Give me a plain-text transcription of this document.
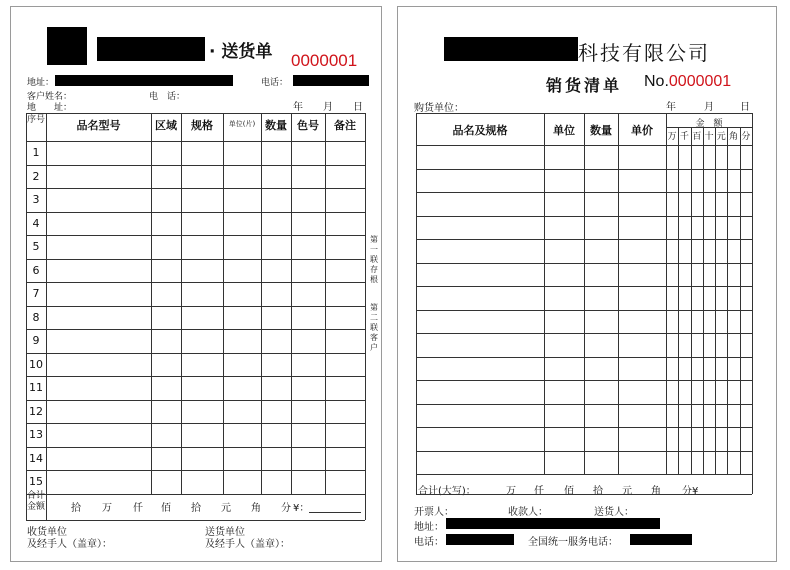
· 送货单 0000001
地址：	电话：
客户姓名：	电　话：
地　　址：	年 月 日
序号	品名型号	区域	规格	单位(片) 数量 色号	备注
1
2
3
4
5
6
7
8
9
10
11
12
13
14
15
合计金额	拾 万 仟 佰 拾 元 角 分 ¥：
第一联存根
第二联客户
收货单位
及经手人（盖章）：
送货单位
及经手人（盖章）：
科技有限公司
销货清单 No.0000001
购货单位：	年	月	日
品名及规格	单位	数量	单价	金　额
万 千 百 十 元 角 分
合计(大写)：	万 仟 佰 拾 元 角 分¥
开票人：	收款人：	送货人：
地址：
电话：	全国统一服务电话：
